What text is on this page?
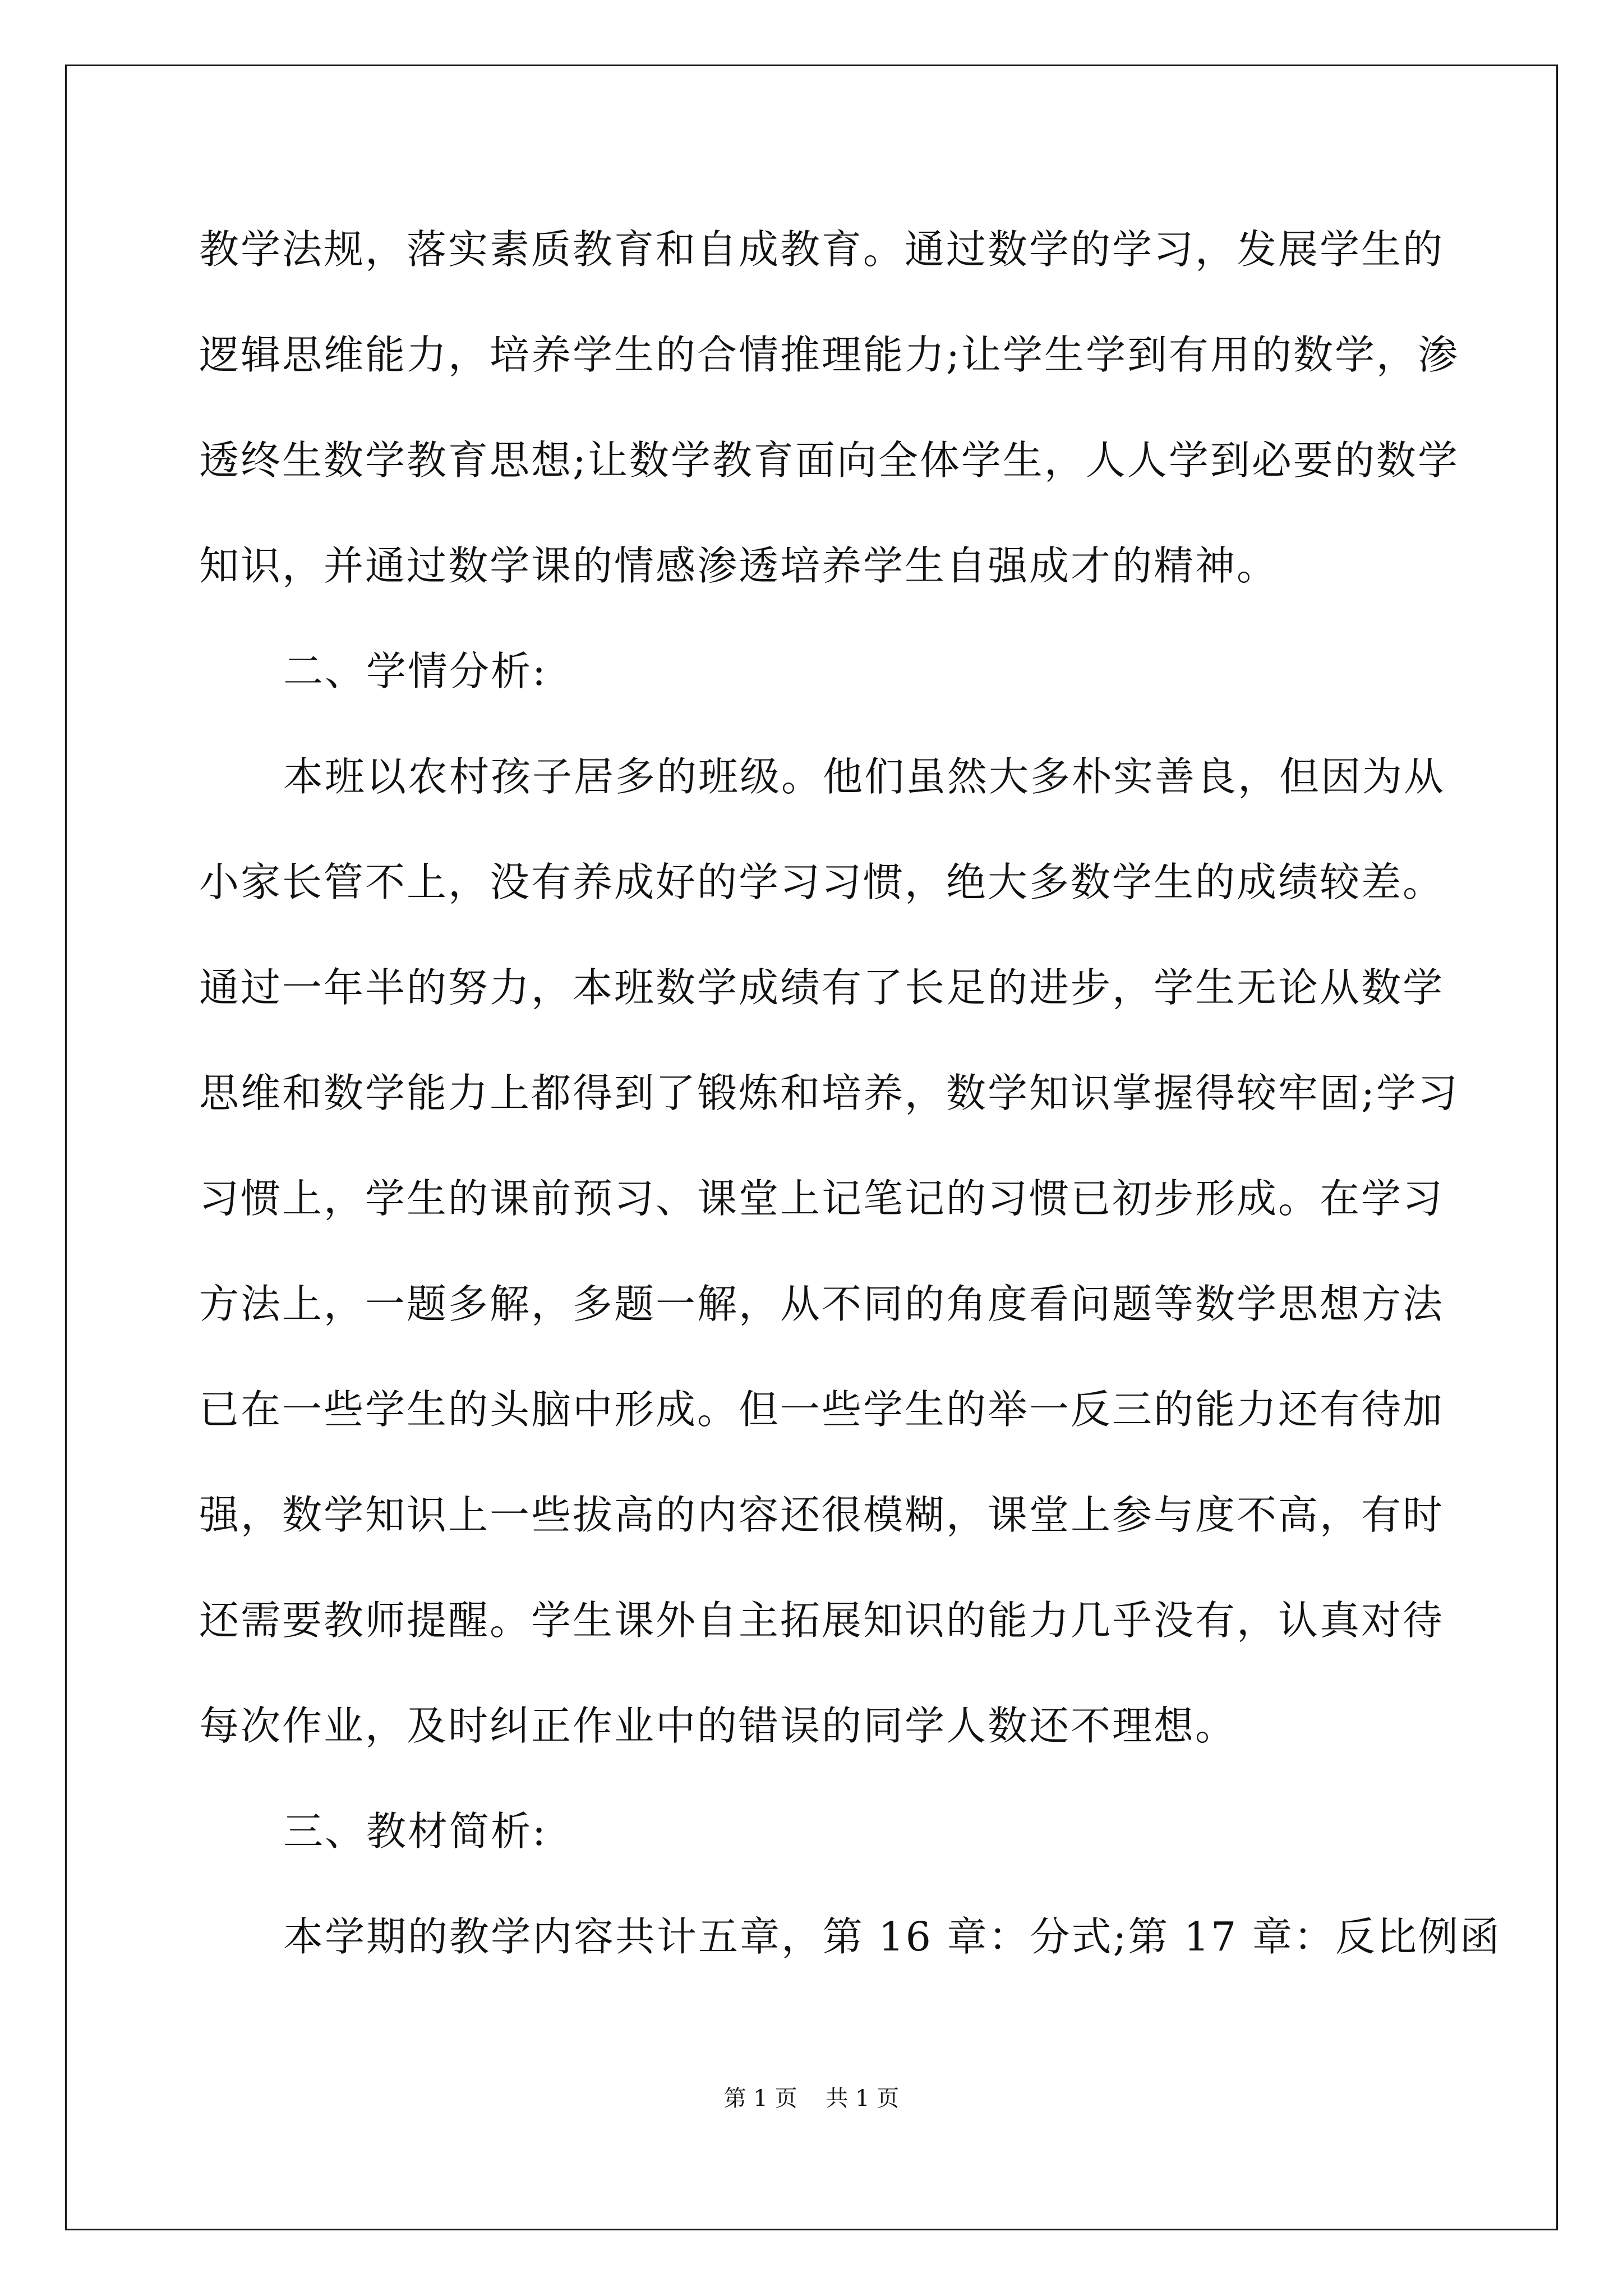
教学法规，落实素质教育和自成教育。通过数学的学习，发展学生的
逻辑思维能力，培养学生的合情推理能力;让学生学到有用的数学，渗
透终生数学教育思想;让数学教育面向全体学生，人人学到必要的数学
知识，并通过数学课的情感渗透培养学生自强成才的精神。
二、学情分析:
本班以农村孩子居多的班级。他们虽然大多朴实善良，但因为从
小家长管不上，没有养成好的学习习惯，绝大多数学生的成绩较差。
通过一年半的努力，本班数学成绩有了长足的进步，学生无论从数学
思维和数学能力上都得到了锻炼和培养，数学知识掌握得较牢固;学习
习惯上，学生的课前预习、课堂上记笔记的习惯已初步形成。在学习
方法上，一题多解，多题一解，从不同的角度看问题等数学思想方法
已在一些学生的头脑中形成。但一些学生的举一反三的能力还有待加
强，数学知识上一些拔高的内容还很模糊，课堂上参与度不高，有时
还需要教师提醒。学生课外自主拓展知识的能力几乎没有，认真对待
每次作业，及时纠正作业中的错误的同学人数还不理想。
三、教材简析:
本学期的教学内容共计五章，第 16 章：分式;第 17 章：反比例函
第 1 页    共 1 页
